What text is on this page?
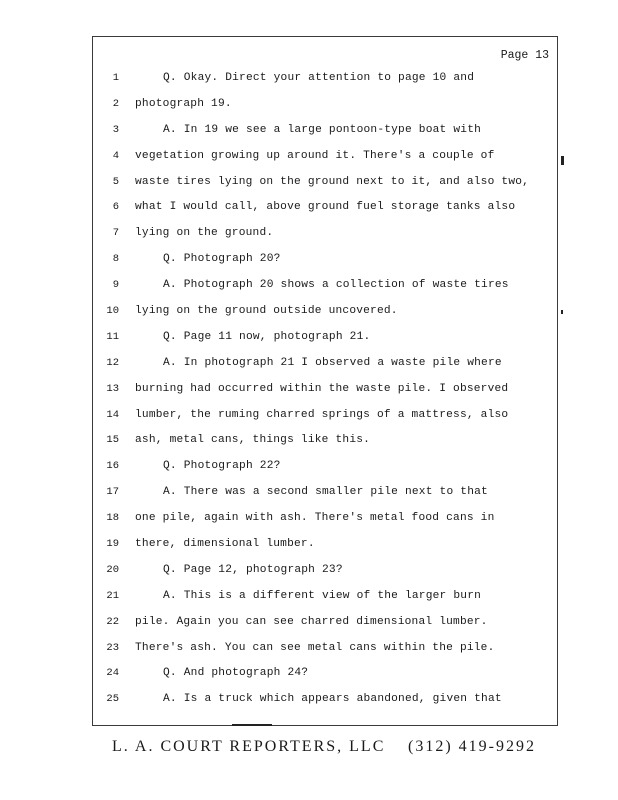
Page 13
1	Q. Okay. Direct your attention to page 10 and
2 photograph 19.
3	A. In 19 we see a large pontoon-type boat with
4 vegetation growing up around it. There's a couple of
5 waste tires lying on the ground next to it, and also two,
6 what I would call, above ground fuel storage tanks also
7 lying on the ground.
8	Q. Photograph 20?
9	A. Photograph 20 shows a collection of waste tires
10 lying on the ground outside uncovered.
11	Q. Page 11 now, photograph 21.
12	A. In photograph 21 I observed a waste pile where
13 burning had occurred within the waste pile. I observed
14 lumber, the ruming charred springs of a mattress, also
15 ash, metal cans, things like this.
16	Q. Photograph 22?
17	A. There was a second smaller pile next to that
18 one pile, again with ash. There's metal food cans in
19 there, dimensional lumber.
20	Q. Page 12, photograph 23?
21	A. This is a different view of the larger burn
22 pile. Again you can see charred dimensional lumber.
23 There's ash. You can see metal cans within the pile.
24	Q. And photograph 24?
25	A. Is a truck which appears abandoned, given that
L. A. COURT REPORTERS, LLC (312) 419-9292
